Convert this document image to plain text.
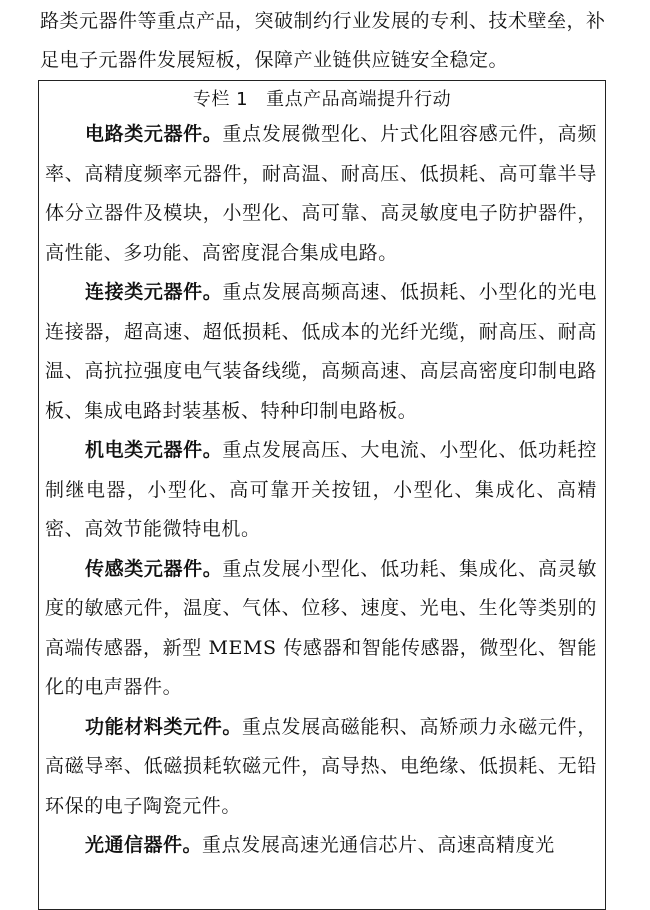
路类元器件等重点产品，突破制约行业发展的专利、技术壁垒，补足电子元器件发展短板，保障产业链供应链安全稳定。

专栏 1 重点产品高端提升行动

电路类元器件。重点发展微型化、片式化阻容感元件，高频率、高精度频率元器件，耐高温、耐高压、低损耗、高可靠半导体分立器件及模块，小型化、高可靠、高灵敏度电子防护器件，高性能、多功能、高密度混合集成电路。

连接类元器件。重点发展高频高速、低损耗、小型化的光电连接器，超高速、超低损耗、低成本的光纤光缆，耐高压、耐高温、高抗拉强度电气装备线缆，高频高速、高层高密度印制电路板、集成电路封装基板、特种印制电路板。

机电类元器件。重点发展高压、大电流、小型化、低功耗控制继电器，小型化、高可靠开关按钮，小型化、集成化、高精密、高效节能微特电机。

传感类元器件。重点发展小型化、低功耗、集成化、高灵敏度的敏感元件，温度、气体、位移、速度、光电、生化等类别的高端传感器，新型 MEMS 传感器和智能传感器，微型化、智能化的电声器件。

功能材料类元件。重点发展高磁能积、高矫顽力永磁元件，高磁导率、低磁损耗软磁元件，高导热、电绝缘、低损耗、无铅环保的电子陶瓷元件。

光通信器件。重点发展高速光通信芯片、高速高精度光
